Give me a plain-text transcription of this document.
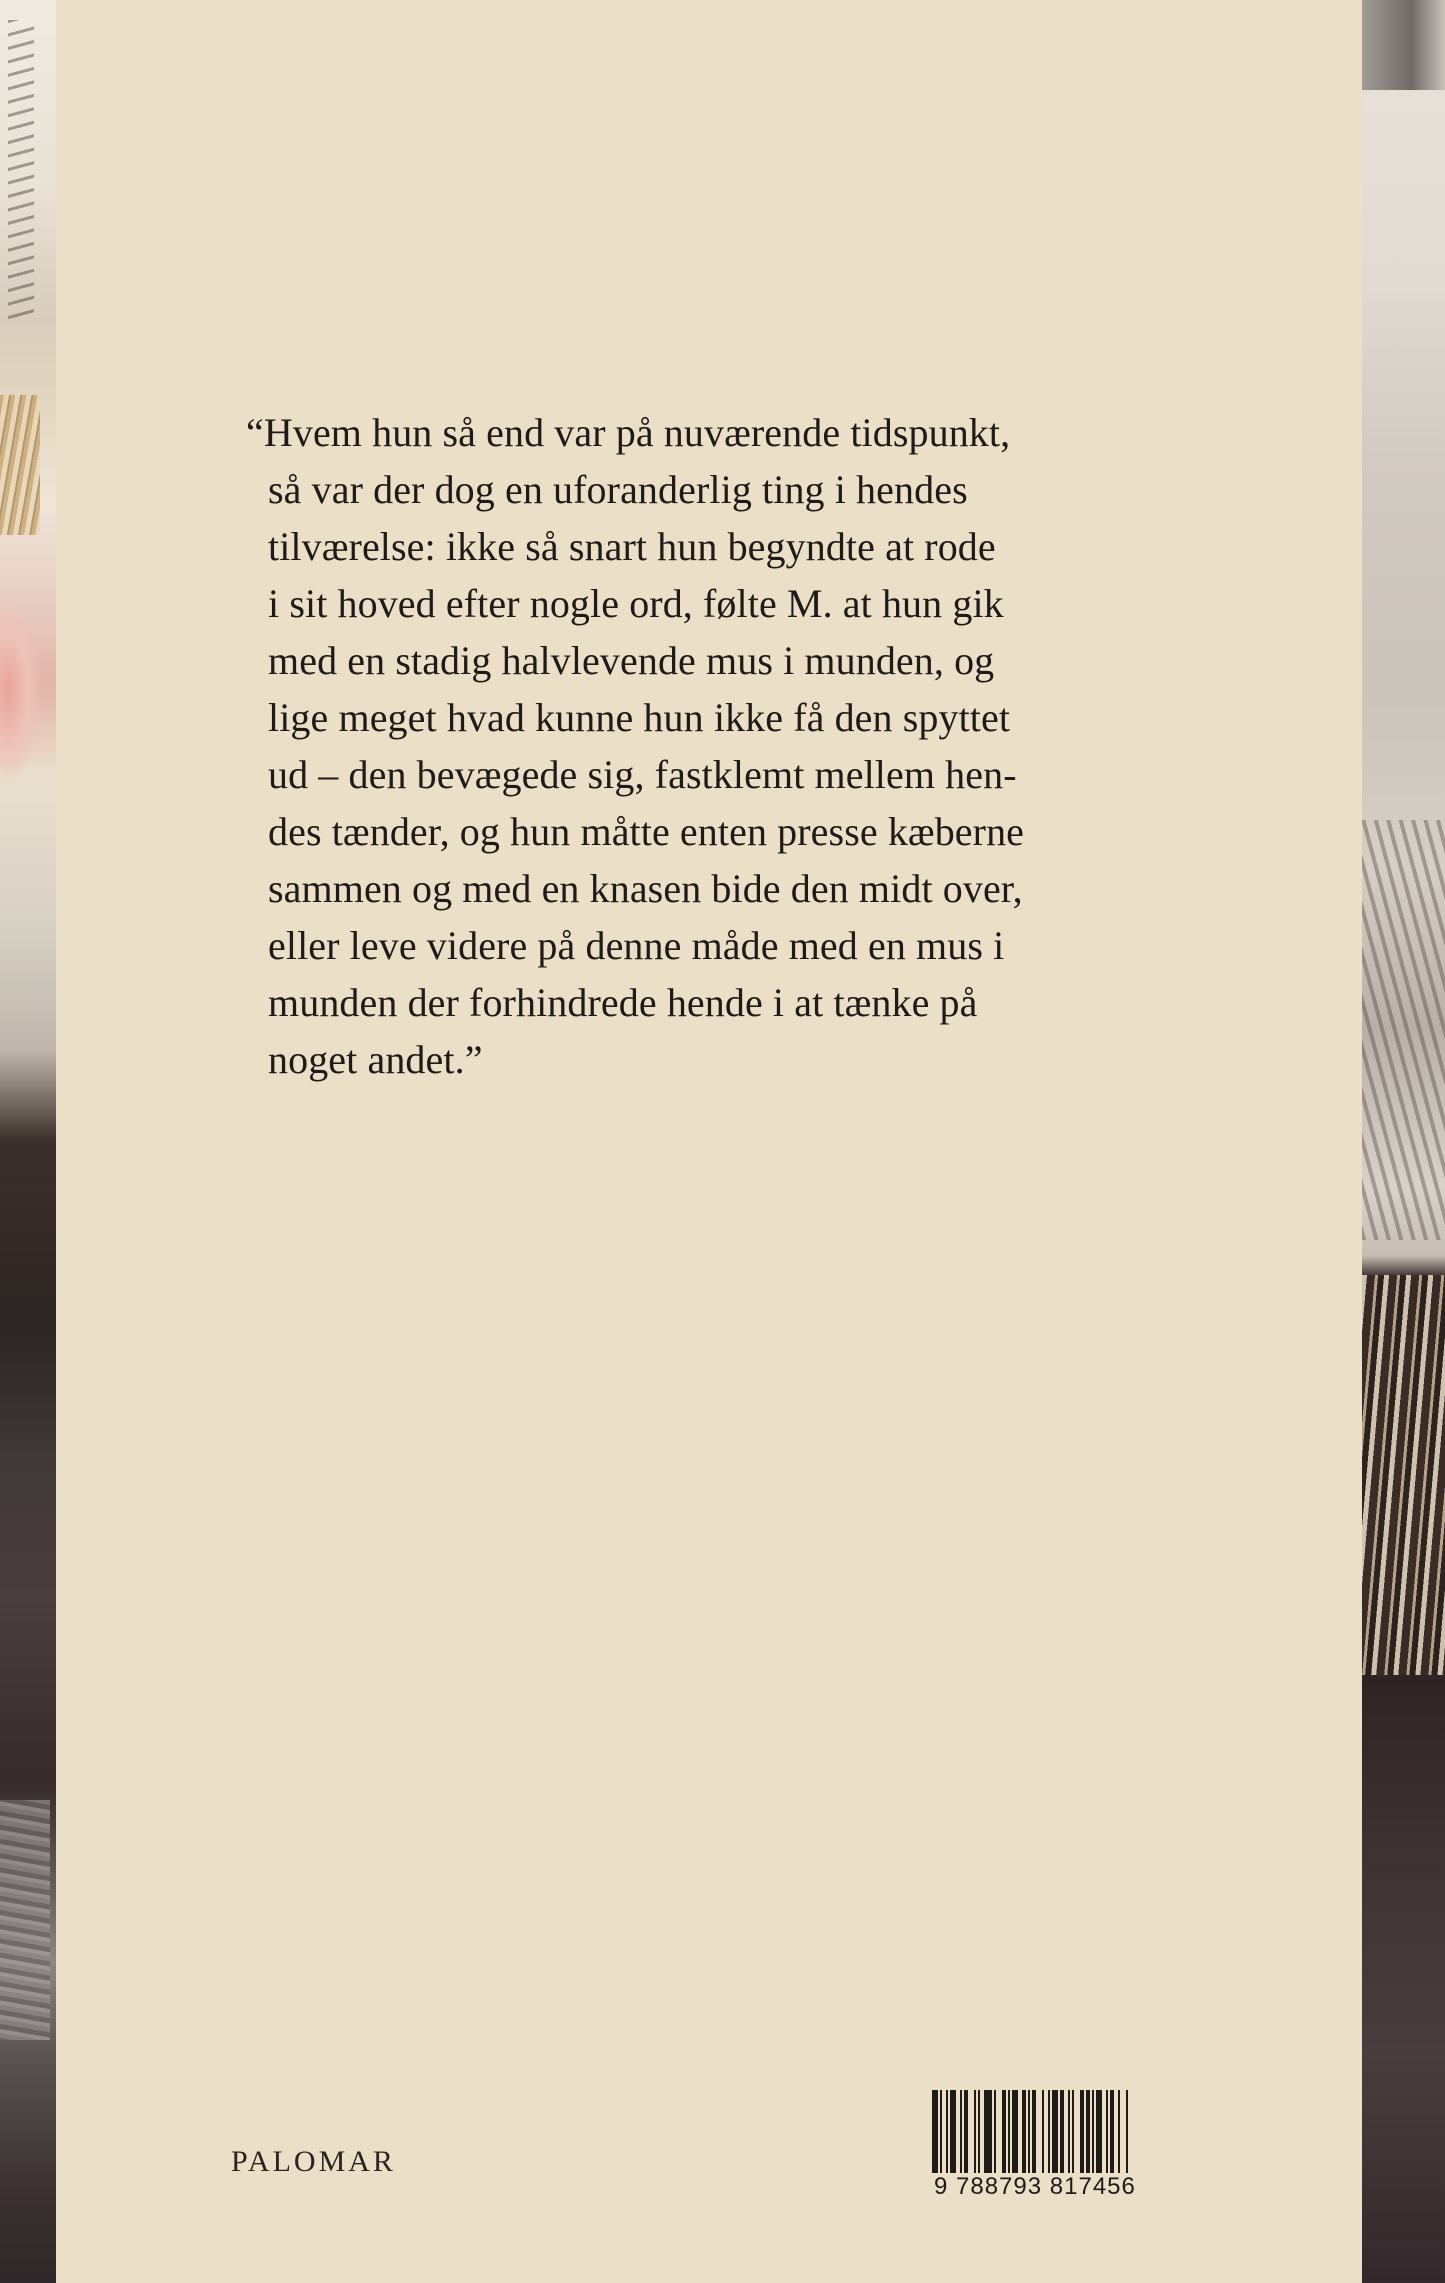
“Hvem hun så end var på nuværende tidspunkt,
så var der dog en uforanderlig ting i hendes
tilværelse: ikke så snart hun begyndte at rode
i sit hoved efter nogle ord, følte M. at hun gik
med en stadig halvlevende mus i munden, og
lige meget hvad kunne hun ikke få den spyttet
ud – den bevægede sig, fastklemt mellem hen-
des tænder, og hun måtte enten presse kæberne
sammen og med en knasen bide den midt over,
eller leve videre på denne måde med en mus i
munden der forhindrede hende i at tænke på
noget andet.”

PALOMAR
9 788793 817456
